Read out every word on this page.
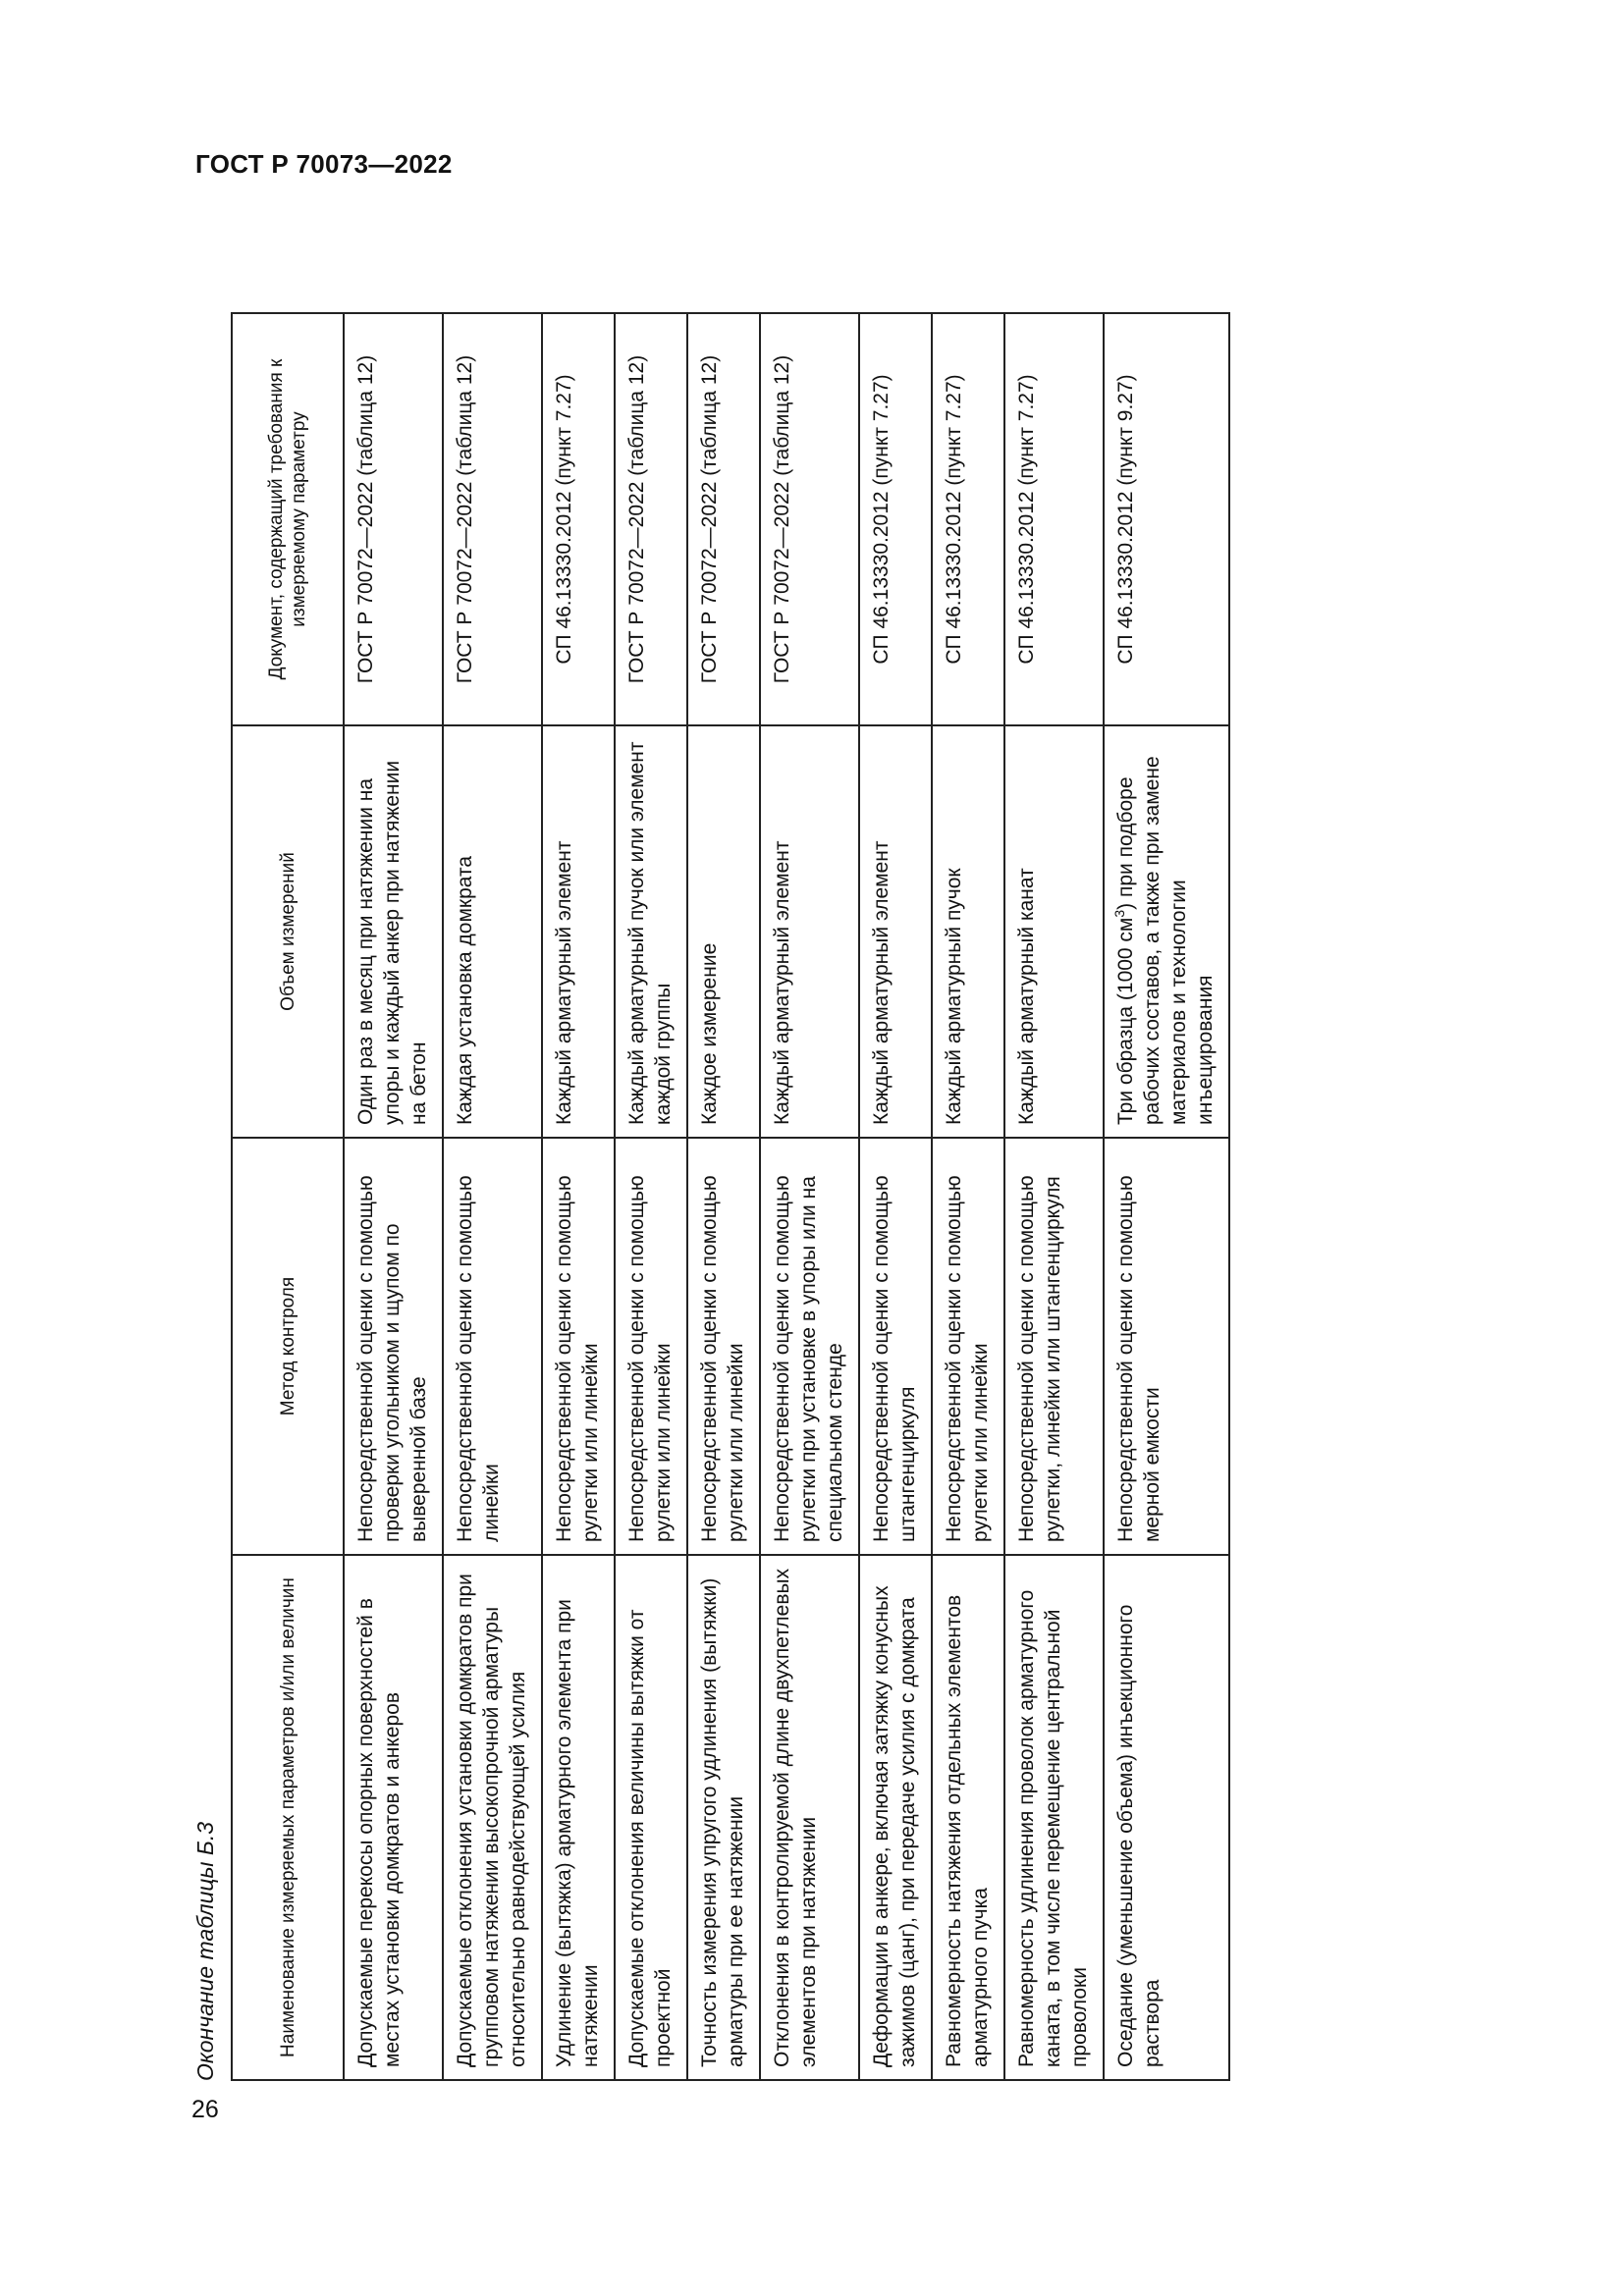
ГОСТ Р 70073—2022
26
Окончание таблицы Б.3	Наименование измеряемых параметров и/или величин	Метод контроля	Объем измерений	Документ, содержащий требования к измеряемому параметру
Допускаемые перекосы опорных поверхностей в местах установки домкратов и анкеров	Непосредственной оценки с помощью проверки угольником и щупом по выверенной базе	Один раз в месяц при натяжении на упоры и каждый анкер при натяжении на бетон	ГОСТ Р 70072—2022 (таблица 12)
Допускаемые отклонения установки домкратов при групповом натяжении высокопрочной арматуры относительно равнодействующей усилия	Непосредственной оценки с помощью линейки	Каждая установка домкрата	ГОСТ Р 70072—2022 (таблица 12)
Удлинение (вытяжка) арматурного элемента при натяжении	Непосредственной оценки с помощью рулетки или линейки	Каждый арматурный элемент	СП 46.13330.2012 (пункт 7.27)
Допускаемые отклонения величины вытяжки от проектной	Непосредственной оценки с помощью рулетки или линейки	Каждый арматурный пучок или элемент каждой группы	ГОСТ Р 70072—2022 (таблица 12)
Точность измерения упругого удлинения (вытяжки) арматуры при ее натяжении	Непосредственной оценки с помощью рулетки или линейки	Каждое измерение	ГОСТ Р 70072—2022 (таблица 12)
Отклонения в контролируемой длине двухпетлевых элементов при натяжении	Непосредственной оценки с помощью рулетки при установке в упоры или на специальном стенде	Каждый арматурный элемент	ГОСТ Р 70072—2022 (таблица 12)
Деформации в анкере, включая затяжку конусных зажимов (цанг), при передаче усилия с домкрата	Непосредственной оценки с помощью штангенциркуля	Каждый арматурный элемент	СП 46.13330.2012 (пункт 7.27)
Равномерность натяжения отдельных элементов арматурного пучка	Непосредственной оценки с помощью рулетки или линейки	Каждый арматурный пучок	СП 46.13330.2012 (пункт 7.27)
Равномерность удлинения проволок арматурного каната, в том числе перемещение центральной проволоки	Непосредственной оценки с помощью рулетки, линейки или штангенциркуля	Каждый арматурный канат	СП 46.13330.2012 (пункт 7.27)
Оседание (уменьшение объема) инъекционного раствора	Непосредственной оценки с помощью мерной емкости	Три образца (1000 $см^3$) при подборе рабочих составов, а также при замене материалов и технологии инъецирования	СП 46.13330.2012 (пункт 9.27)
